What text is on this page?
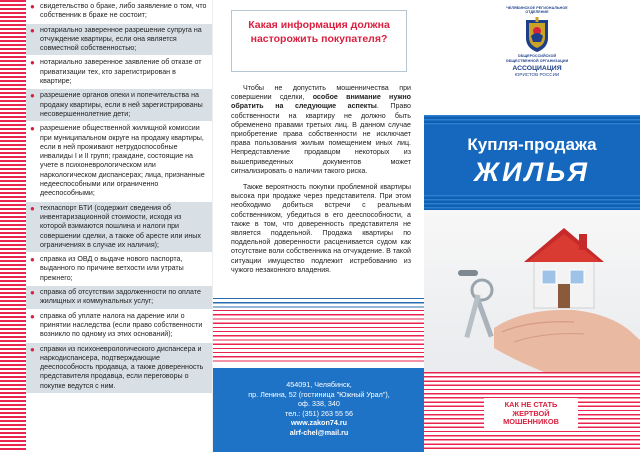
● свидетельство о браке, либо заявление о том, что собственник в браке не состоит;
● нотариально заверенное разрешение супруга на отчуждение квартиры, если она является совместной собственностью;
● нотариально заверенное заявление об отказе от приватизации тех, кто зарегистрирован в квартире;
● разрешение органов опеки и попечительства на продажу квартиры, если в ней зарегистрированы несовершеннолетние дети;
● разрешение общественной жилищной комиссии при муниципальном округе на продажу квартиры, если в ней проживают нетрудоспособные инвалиды I и II групп; граждане, состоящие на учете в психоневрологическом или наркологическом диспансерах; лица, признанные недееспособными или ограниченно дееспособными;
● техпаспорт БТИ (содержит сведения об инвентаризационной стоимости, исходя из которой взимаются пошлина и налоги при совершении сделки, а также об аресте или иных ограничениях в случае их наличия);
● справка из ОВД о выдаче нового паспорта, выданного по причине ветхости или утраты прежнего;
● справка об отсутствии задолженности по оплате жилищных и коммунальных услуг;
● справка об уплате налога на дарение или о принятии наследства (если право собственности возникло по одному из этих оснований);
● справки из психоневрологического диспансера и наркодиспансера, подтверждающие дееспособность продавца, а также доверенность представителя продавца, если переговоры о покупке ведутся с ним.
Какая информация должна насторожить покупателя?

Чтобы не допустить мошенничества при совершении сделки, особое внимание нужно обратить на следующие аспекты. Право собственности на квартиру не должно быть обременено правами третьих лиц. В данном случае приобретение права собственности не исключает права пользования жилым помещением иных лиц. Непредставление продавцом некоторых из вышеприведенных документов может сигнализировать о наличии такого риска.

Также вероятность покупки проблемной квартиры высока при продаже через представителя. При этом необходимо добиться встречи с реальным собственником, убедиться в его дееспособности, а также в том, что доверенность представителя не является поддельной. Продажа квартиры по поддельной доверенности расценивается судом как отсутствие воли собственника на отчуждение. В такой ситуации имущество подлежит истребованию из чужого незаконного владения.

454091, Челябинск,
пр. Ленина, 52 (гостиница "Южный Урал"),
оф. 338, 340
тел.: (351) 263 55 56
www.zakon74.ru
alrf-chel@mail.ru
ЧЕЛЯБИНСКОЕ РЕГИОНАЛЬНОЕ ОТДЕЛЕНИЕ
ОБЩЕРОССИЙСКОЙ ОБЩЕСТВЕННОЙ ОРГАНИЗАЦИИ
АССОЦИАЦИЯ
ЮРИСТОВ РОССИИ
Купля-продажа
ЖИЛЬЯ
КАК НЕ СТАТЬ
ЖЕРТВОЙ
МОШЕННИКОВ
